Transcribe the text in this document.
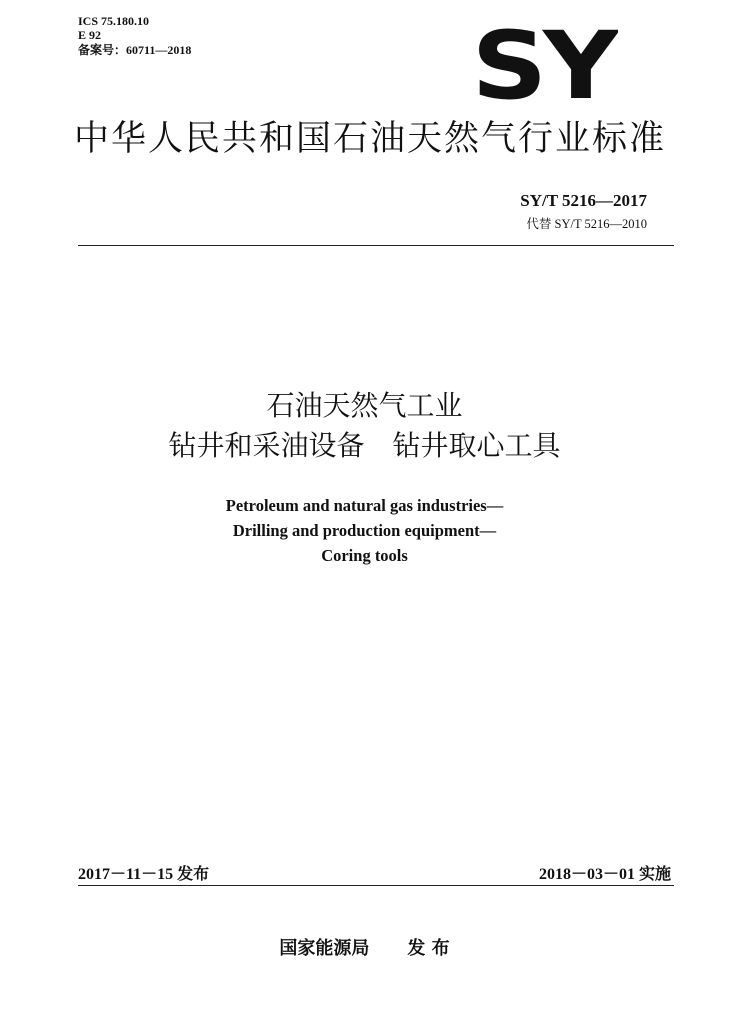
ICS 75.180.10
E 92
备案号：60711—2018	SY
中华人民共和国石油天然气行业标准
SY/T 5216—2017
代替 SY/T 5216—2010
石油天然气工业
钻井和采油设备　钻井取心工具
Petroleum and natural gas industries—
Drilling and production equipment—
Coring tools
2017－11－15 发布	2018－03－01 实施
国家能源局 发 布
